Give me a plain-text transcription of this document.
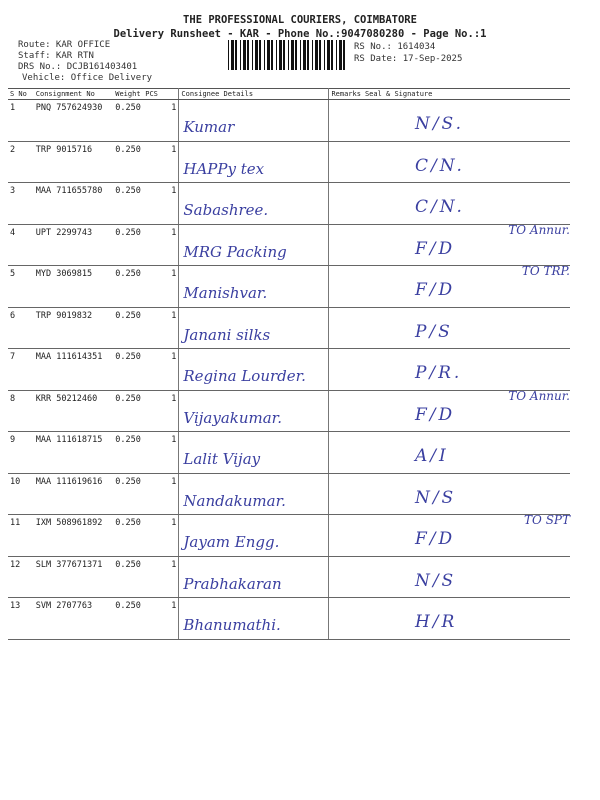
THE PROFESSIONAL COURIERS, COIMBATORE
Delivery Runsheet - KAR - Phone No.:9047080280 - Page No.:1
Route: KAR OFFICE
Staff: KAR RTN
DRS No.: DCJB161403401
Vehicle: Office Delivery
RS No.: 1614034
RS Date: 17-Sep-2025
S No	Consignment No	Weight	PCS	Consignee Details	Remarks	Seal & Signature
1	PNQ 757624930	0.250	1	Kumar		N/S.

2	TRP 9015716	0.250	1	HAPPy tex		C/N.

3	MAA 711655780	0.250	1	Sabashree.		C/N.

4	UPT 2299743	0.250	1	MRG Packing		F/D
TO Annur.

5	MYD 3069815	0.250	1	Manishvar.		F/D
TO TRP.

6	TRP 9019832	0.250	1	Janani silks		P/S

7	MAA 111614351	0.250	1	Regina Lourder.		P/R.

8	KRR 50212460	0.250	1	Vijayakumar.		F/D
TO Annur.

9	MAA 111618715	0.250	1	Lalit Vijay		A/I

10	MAA 111619616	0.250	1	Nandakumar.		N/S

11	IXM 508961892	0.250	1	Jayam Engg.		F/D
TO SPT

12	SLM 377671371	0.250	1	Prabhakaran		N/S

13	SVM 2707763	0.250	1	Bhanumathi.		H/R
